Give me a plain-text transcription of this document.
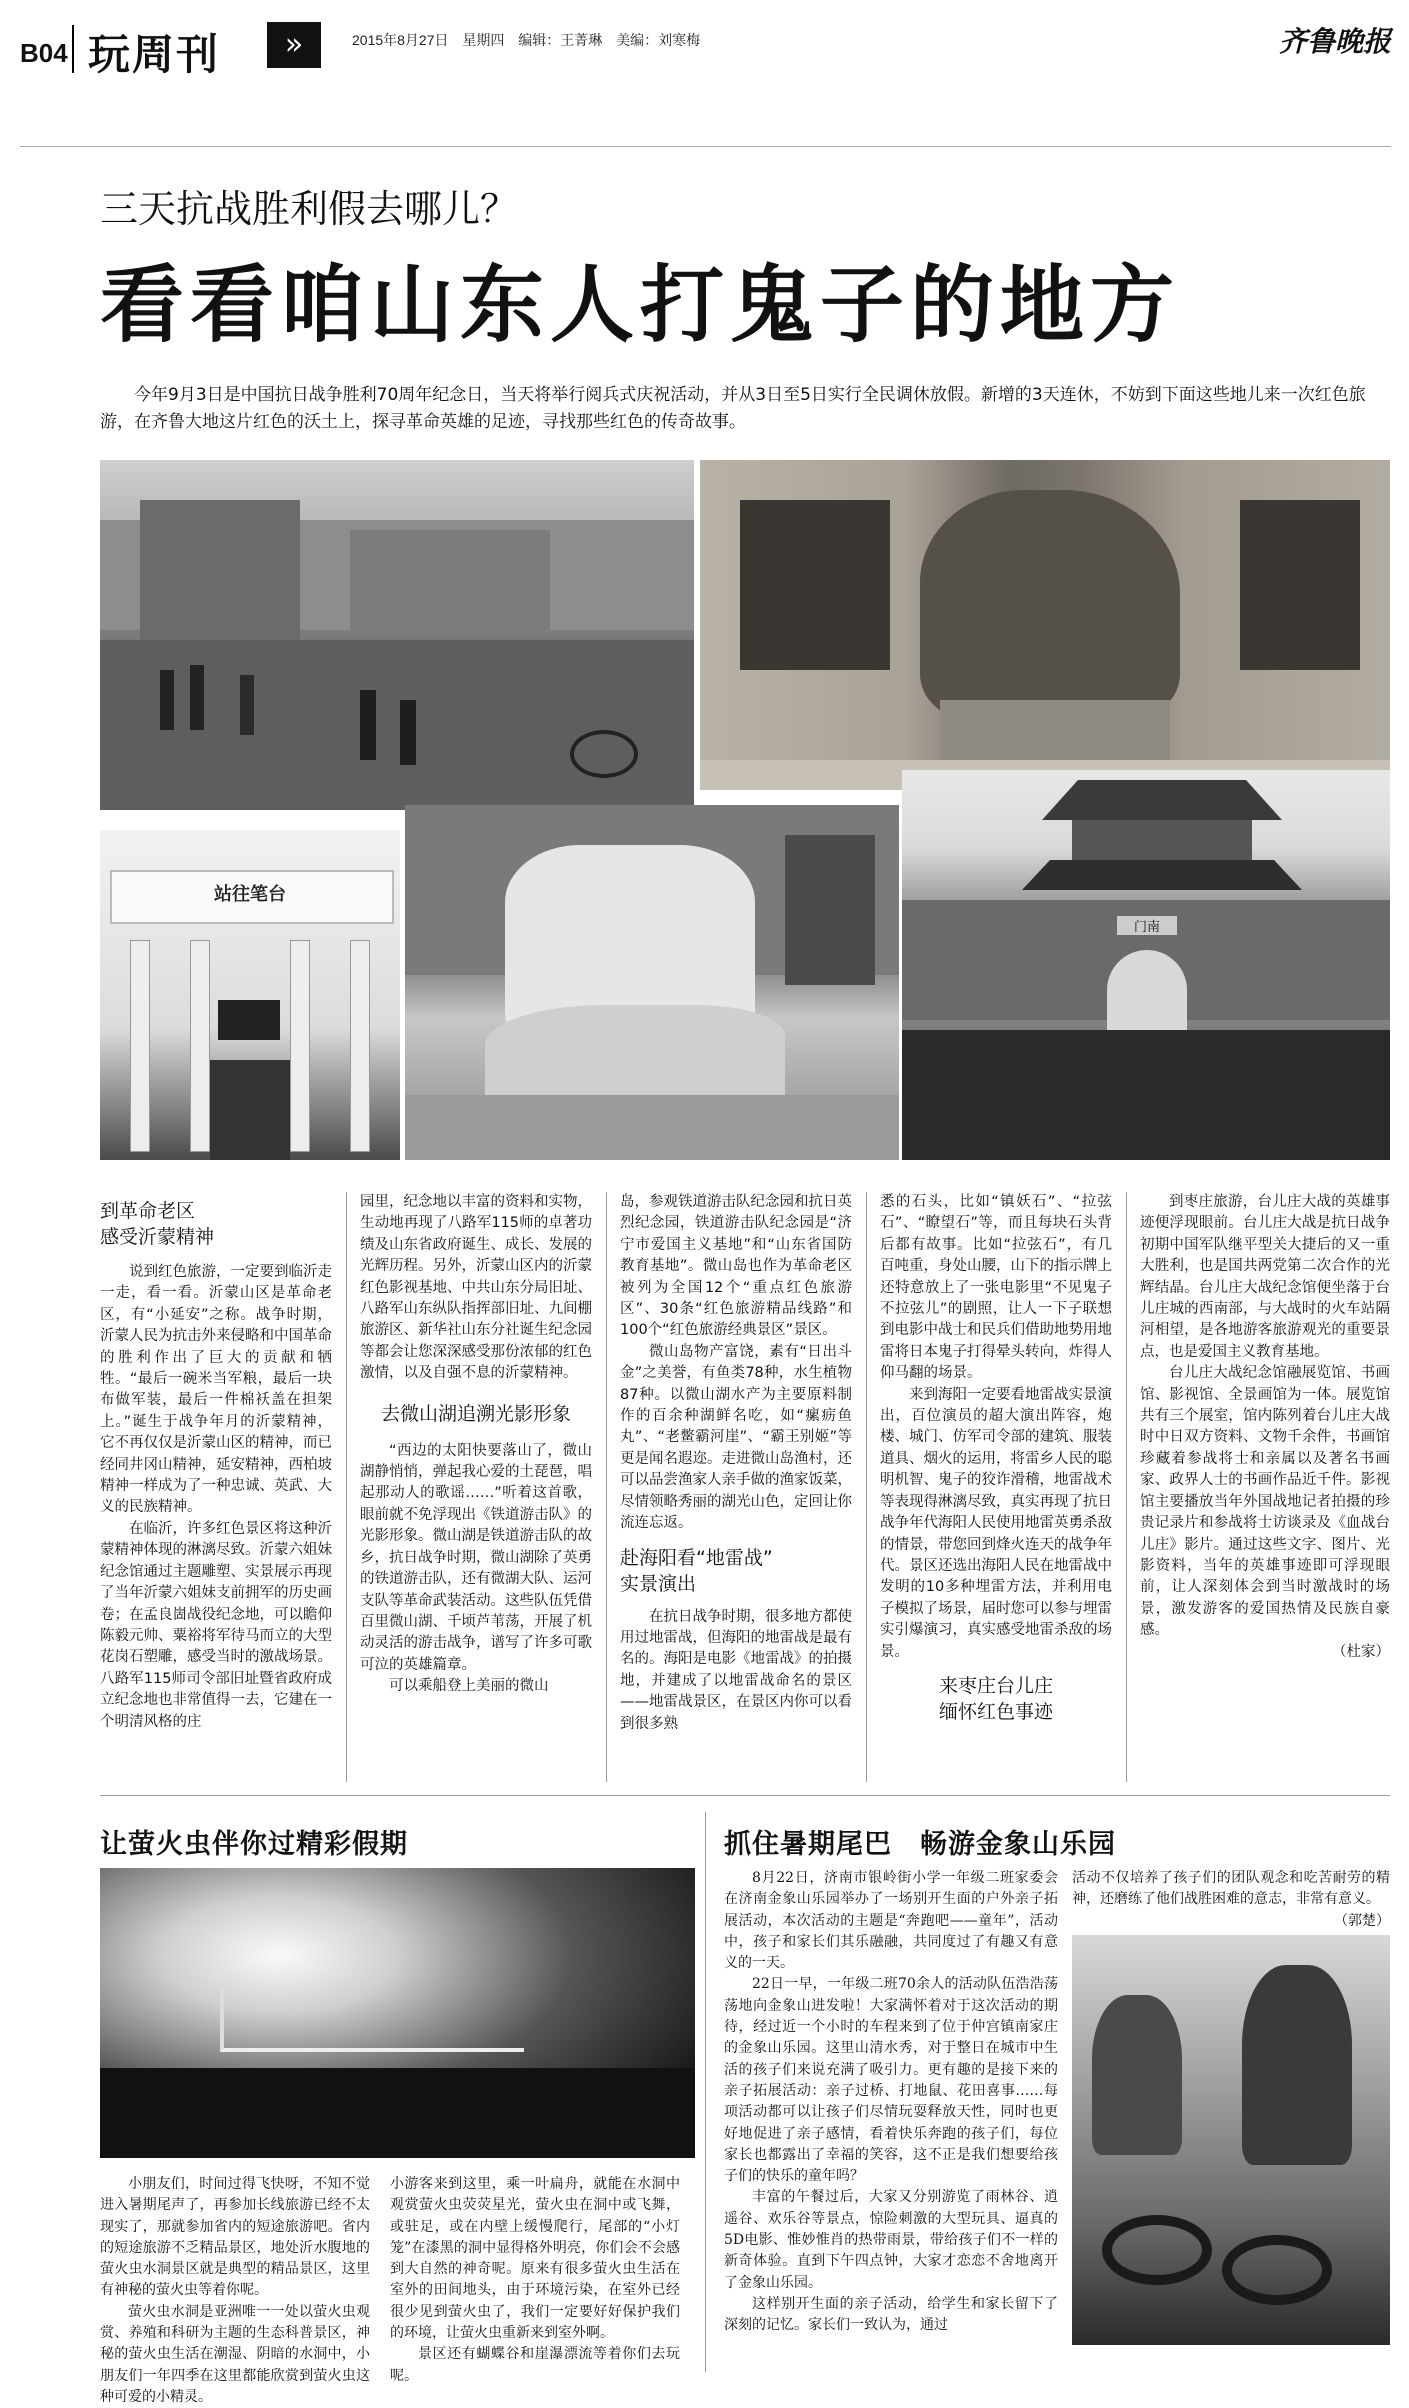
B04 玩周刊	»	2015年8月27日 星期四 编辑：王菁琳 美编：刘寒梅	齐鲁晚报
三天抗战胜利假去哪儿？
看看咱山东人打鬼子的地方
今年9月3日是中国抗日战争胜利70周年纪念日，当天将举行阅兵式庆祝活动，并从3日至5日实行全民调休放假。新增的3天连休，不妨到下面这些地儿来一次红色旅游，在齐鲁大地这片红色的沃土上，探寻革命英雄的足迹，寻找那些红色的传奇故事。
站往笔台
门南
到革命老区
感受沂蒙精神

说到红色旅游，一定要到临沂走一走，看一看。沂蒙山区是革命老区，有“小延安”之称。战争时期，沂蒙人民为抗击外来侵略和中国革命的胜利作出了巨大的贡献和牺牲。“最后一碗米当军粮，最后一块布做军装，最后一件棉袄盖在担架上。”诞生于战争年月的沂蒙精神，它不再仅仅是沂蒙山区的精神，而已经同井冈山精神，延安精神，西柏坡精神一样成为了一种忠诚、英武、大义的民族精神。

在临沂，许多红色景区将这种沂蒙精神体现的淋漓尽致。沂蒙六姐妹纪念馆通过主题雕塑、实景展示再现了当年沂蒙六姐妹支前拥军的历史画卷；在孟良崮战役纪念地，可以瞻仰陈毅元帅、粟裕将军待马而立的大型花岗石塑雕，感受当时的激战场景。八路军115师司令部旧址暨省政府成立纪念地也非常值得一去，它建在一个明清风格的庄

园里，纪念地以丰富的资料和实物，生动地再现了八路军115师的卓著功绩及山东省政府诞生、成长、发展的光辉历程。另外，沂蒙山区内的沂蒙红色影视基地、中共山东分局旧址、八路军山东纵队指挥部旧址、九间棚旅游区、新华社山东分社诞生纪念园等都会让您深深感受那份浓郁的红色激情，以及自强不息的沂蒙精神。

去微山湖追溯光影形象

“西边的太阳快要落山了，微山湖静悄悄，弹起我心爱的土琵琶，唱起那动人的歌谣……”听着这首歌，眼前就不免浮现出《铁道游击队》的光影形象。微山湖是铁道游击队的故乡，抗日战争时期，微山湖除了英勇的铁道游击队，还有微湖大队、运河支队等革命武装活动。这些队伍凭借百里微山湖、千顷芦苇荡，开展了机动灵活的游击战争，谱写了许多可歌可泣的英雄篇章。

可以乘船登上美丽的微山

岛，参观铁道游击队纪念园和抗日英烈纪念园，铁道游击队纪念园是“济宁市爱国主义基地”和“山东省国防教育基地”。微山岛也作为革命老区被列为全国12个“重点红色旅游区”、30条“红色旅游精品线路”和100个“红色旅游经典景区”景区。

微山岛物产富饶，素有“日出斗金”之美誉，有鱼类78种，水生植物87种。以微山湖水产为主要原料制作的百余种湖鲜名吃，如“瘰疬鱼丸”、“老鳖霸河崖”、“霸王别姬”等更是闻名遐迩。走进微山岛渔村，还可以品尝渔家人亲手做的渔家饭菜，尽情领略秀丽的湖光山色，定回让你流连忘返。

赴海阳看“地雷战”
实景演出

在抗日战争时期，很多地方都使用过地雷战，但海阳的地雷战是最有名的。海阳是电影《地雷战》的拍摄地，并建成了以地雷战命名的景区——地雷战景区，在景区内你可以看到很多熟

悉的石头，比如“镇妖石”、“拉弦石”、“瞭望石”等，而且每块石头背后都有故事。比如“拉弦石”，有几百吨重，身处山腰，山下的指示牌上还特意放上了一张电影里“不见鬼子不拉弦儿”的剧照，让人一下子联想到电影中战士和民兵们借助地势用地雷将日本鬼子打得晕头转向，炸得人仰马翻的场景。

来到海阳一定要看地雷战实景演出，百位演员的超大演出阵容，炮楼、城门、仿军司令部的建筑、服装道具、烟火的运用，将雷乡人民的聪明机智、鬼子的狡诈滑稽，地雷战术等表现得淋漓尽致，真实再现了抗日战争年代海阳人民使用地雷英勇杀敌的情景，带您回到烽火连天的战争年代。景区还选出海阳人民在地雷战中发明的10多种埋雷方法，并利用电子模拟了场景，届时您可以参与埋雷实引爆演习，真实感受地雷杀敌的场景。

来枣庄台儿庄
缅怀红色事迹

到枣庄旅游，台儿庄大战的英雄事迹便浮现眼前。台儿庄大战是抗日战争初期中国军队继平型关大捷后的又一重大胜利，也是国共两党第二次合作的光辉结晶。台儿庄大战纪念馆便坐落于台儿庄城的西南部，与大战时的火车站隔河相望，是各地游客旅游观光的重要景点，也是爱国主义教育基地。

台儿庄大战纪念馆融展览馆、书画馆、影视馆、全景画馆为一体。展览馆共有三个展室，馆内陈列着台儿庄大战时中日双方资料、文物千余件，书画馆珍藏着参战将士和亲属以及著名书画家、政界人士的书画作品近千件。影视馆主要播放当年外国战地记者拍摄的珍贵记录片和参战将士访谈录及《血战台儿庄》影片。通过这些文字、图片、光影资料，当年的英雄事迹即可浮现眼前，让人深刻体会到当时激战时的场景，激发游客的爱国热情及民族自豪感。

（杜家）
让萤火虫伴你过精彩假期

小朋友们，时间过得飞快呀，不知不觉进入暑期尾声了，再参加长线旅游已经不太现实了，那就参加省内的短途旅游吧。省内的短途旅游不乏精品景区，地处沂水腹地的萤火虫水洞景区就是典型的精品景区，这里有神秘的萤火虫等着你呢。

萤火虫水洞是亚洲唯一一处以萤火虫观赏、养殖和科研为主题的生态科普景区，神秘的萤火虫生活在潮湿、阴暗的水洞中，小朋友们一年四季在这里都能欣赏到萤火虫这种可爱的小精灵。

小游客来到这里，乘一叶扁舟，就能在水洞中观赏萤火虫荧荧星光，萤火虫在洞中或飞舞，或驻足，或在内壁上缓慢爬行，尾部的“小灯笼”在漆黑的洞中显得格外明亮，你们会不会感到大自然的神奇呢。原来有很多萤火虫生活在室外的田间地头，由于环境污染，在室外已经很少见到萤火虫了，我们一定要好好保护我们的环境，让萤火虫重新来到室外啊。

景区还有蝴蝶谷和崖瀑漂流等着你们去玩呢。

抓住暑期尾巴　畅游金象山乐园

8月22日，济南市银岭街小学一年级二班家委会在济南金象山乐园举办了一场别开生面的户外亲子拓展活动，本次活动的主题是“奔跑吧——童年”，活动中，孩子和家长们其乐融融，共同度过了有趣又有意义的一天。

22日一早，一年级二班70余人的活动队伍浩浩荡荡地向金象山进发啦！大家满怀着对于这次活动的期待，经过近一个小时的车程来到了位于仲宫镇南家庄的金象山乐园。这里山清水秀，对于整日在城市中生活的孩子们来说充满了吸引力。更有趣的是接下来的亲子拓展活动：亲子过桥、打地鼠、花田喜事……每项活动都可以让孩子们尽情玩耍释放天性，同时也更好地促进了亲子感情，看着快乐奔跑的孩子们，每位家长也都露出了幸福的笑容，这不正是我们想要给孩子们的快乐的童年吗？

丰富的午餐过后，大家又分别游览了雨林谷、逍遥谷、欢乐谷等景点，惊险刺激的大型玩具、逼真的5D电影、惟妙惟肖的热带雨景，带给孩子们不一样的新奇体验。直到下午四点钟，大家才恋恋不舍地离开了金象山乐园。

这样别开生面的亲子活动，给学生和家长留下了深刻的记忆。家长们一致认为，通过

活动不仅培养了孩子们的团队观念和吃苦耐劳的精神，还磨练了他们战胜困难的意志，非常有意义。

（郭楚）
